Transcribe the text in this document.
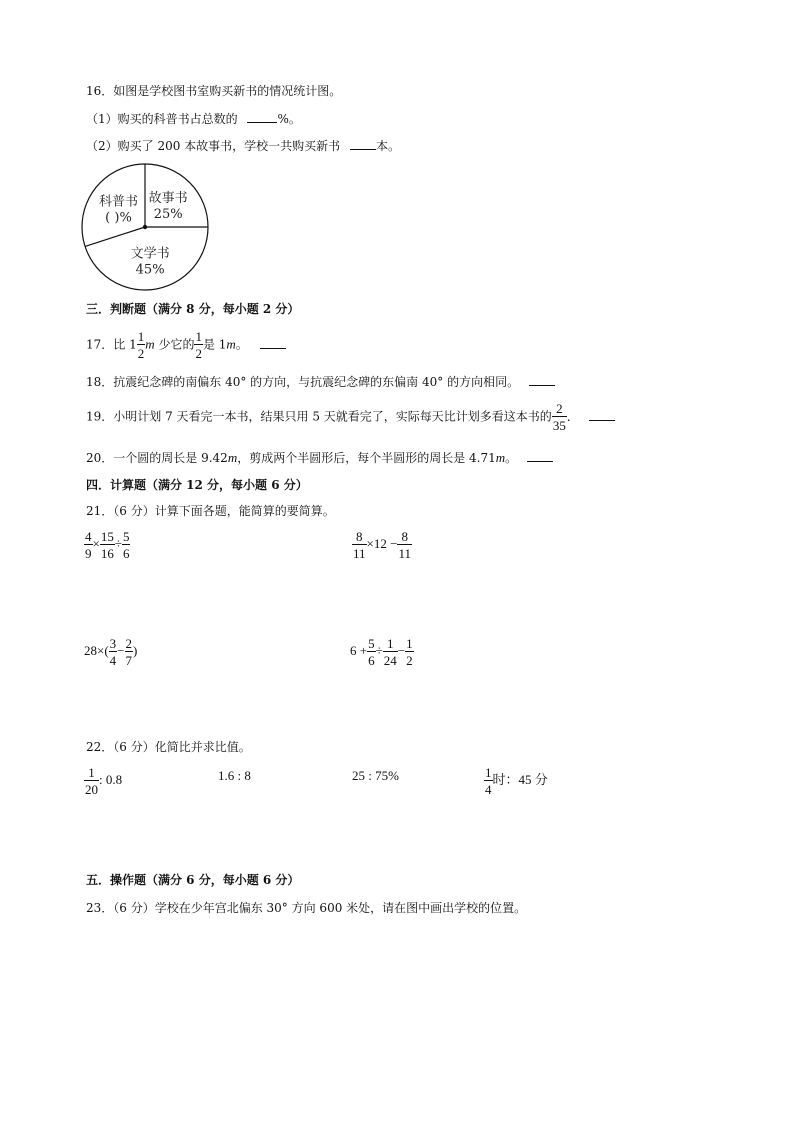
16．如图是学校图书室购买新书的情况统计图。
（1）购买的科普书占总数的	%。
（2）购买了 200 本故事书，学校一共购买新书	本。
故事书
25%
文学书
45%
科普书
( )%
三．判断题（满分 8 分，每小题 2 分）
17．比 $1 \frac{1}{2}$ m 少它的 $\frac{1}{2}$ 是 1m。
18．抗震纪念碑的南偏东 40° 的方向，与抗震纪念碑的东偏南 40° 的方向相同。
19．小明计划 7 天看完一本书，结果只用 5 天就看完了，实际每天比计划多看这本书的 $\frac{2}{35}$ ．
20．一个圆的周长是 9.42m，剪成两个半圆形后，每个半圆形的周长是 4.71m。
四．计算题（满分 12 分，每小题 6 分）
21．（6 分）计算下面各题，能简算的要简算。
$\frac{4}{9} \times \frac{15}{16} \div \frac{5}{6}$	$\frac{8}{11} \times 12 - \frac{8}{11}$
$28\times( \frac{3}{4} - \frac{2}{7}$ )	$6 + \frac{5}{6} \div \frac{1}{24} - \frac{1}{2}$
22．（6 分）化简比并求比值。
$\frac{1}{20}$ : 0.8	1.6 : 8	25 : 75%	$\frac{1}{4}$ 时：45 分
五．操作题（满分 6 分，每小题 6 分）
23．（6 分）学校在少年宫北偏东 30° 方向 600 米处，请在图中画出学校的位置。
